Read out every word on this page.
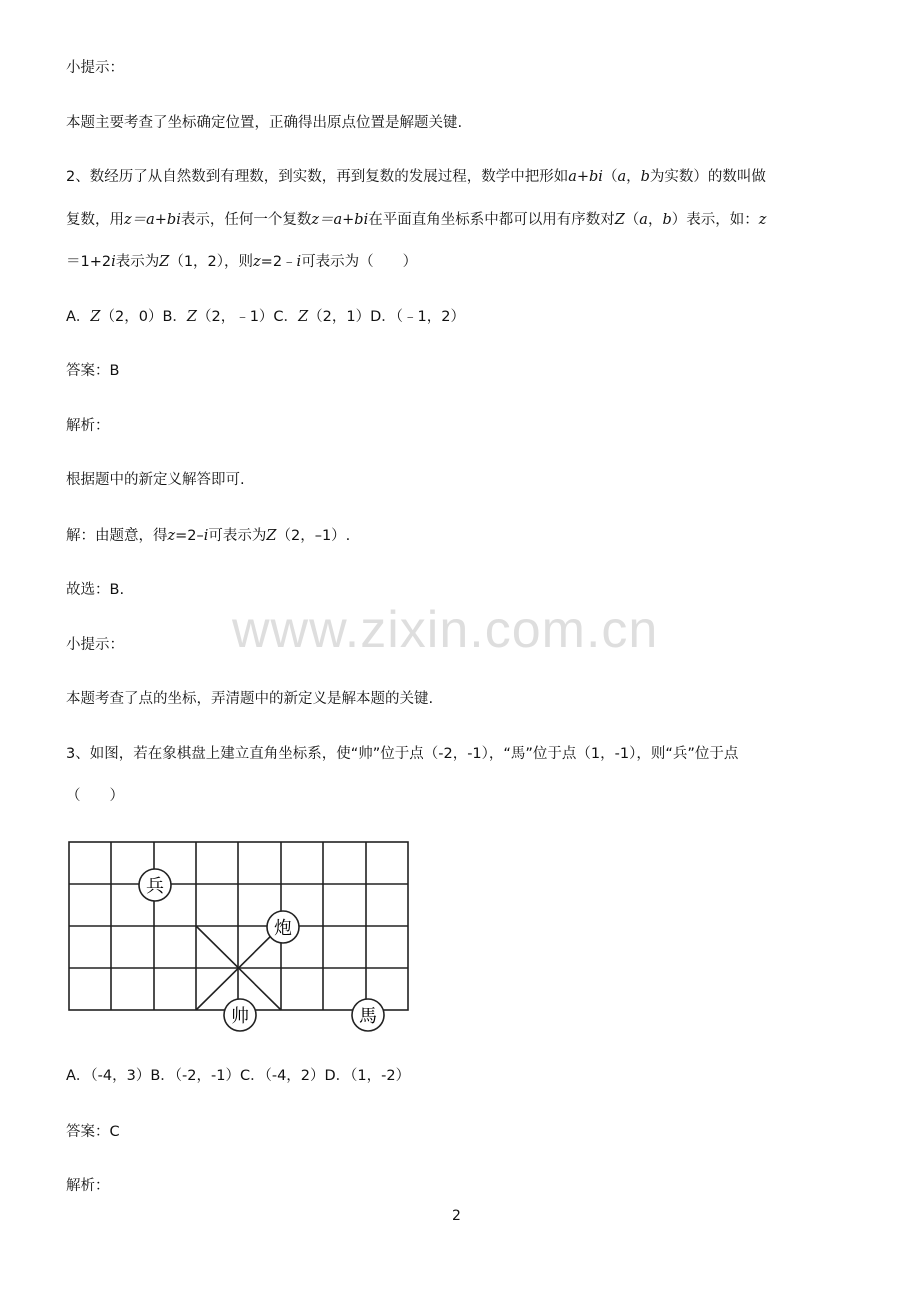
小提示：
本题主要考查了坐标确定位置，正确得出原点位置是解题关键.
2、数经历了从自然数到有理数，到实数，再到复数的发展过程，数学中把形如a+bi（a，b为实数）的数叫做
复数，用z＝a+bi表示，任何一个复数z＝a+bi在平面直角坐标系中都可以用有序数对Z（a，b）表示，如：z
＝1+2i表示为Z（1，2），则z=2﹣i可表示为（　　）
A．Z（2，0）B．Z（2，﹣1）C．Z（2，1）D．（﹣1，2）
答案：B
解析：
根据题中的新定义解答即可.
解：由题意，得z=2–i可表示为Z（2，–1）.
故选：B.
小提示：
本题考查了点的坐标，弄清题中的新定义是解本题的关键.
3、如图，若在象棋盘上建立直角坐标系，使“帅”位于点（-2，-1），“馬”位于点（1，-1），则“兵”位于点
（　　）
兵
炮
帅	馬
A．（-4，3）B．（-2，-1）C．（-4，2）D．（1，-2）
答案：C
解析：
www.zixin.com.cn
2
